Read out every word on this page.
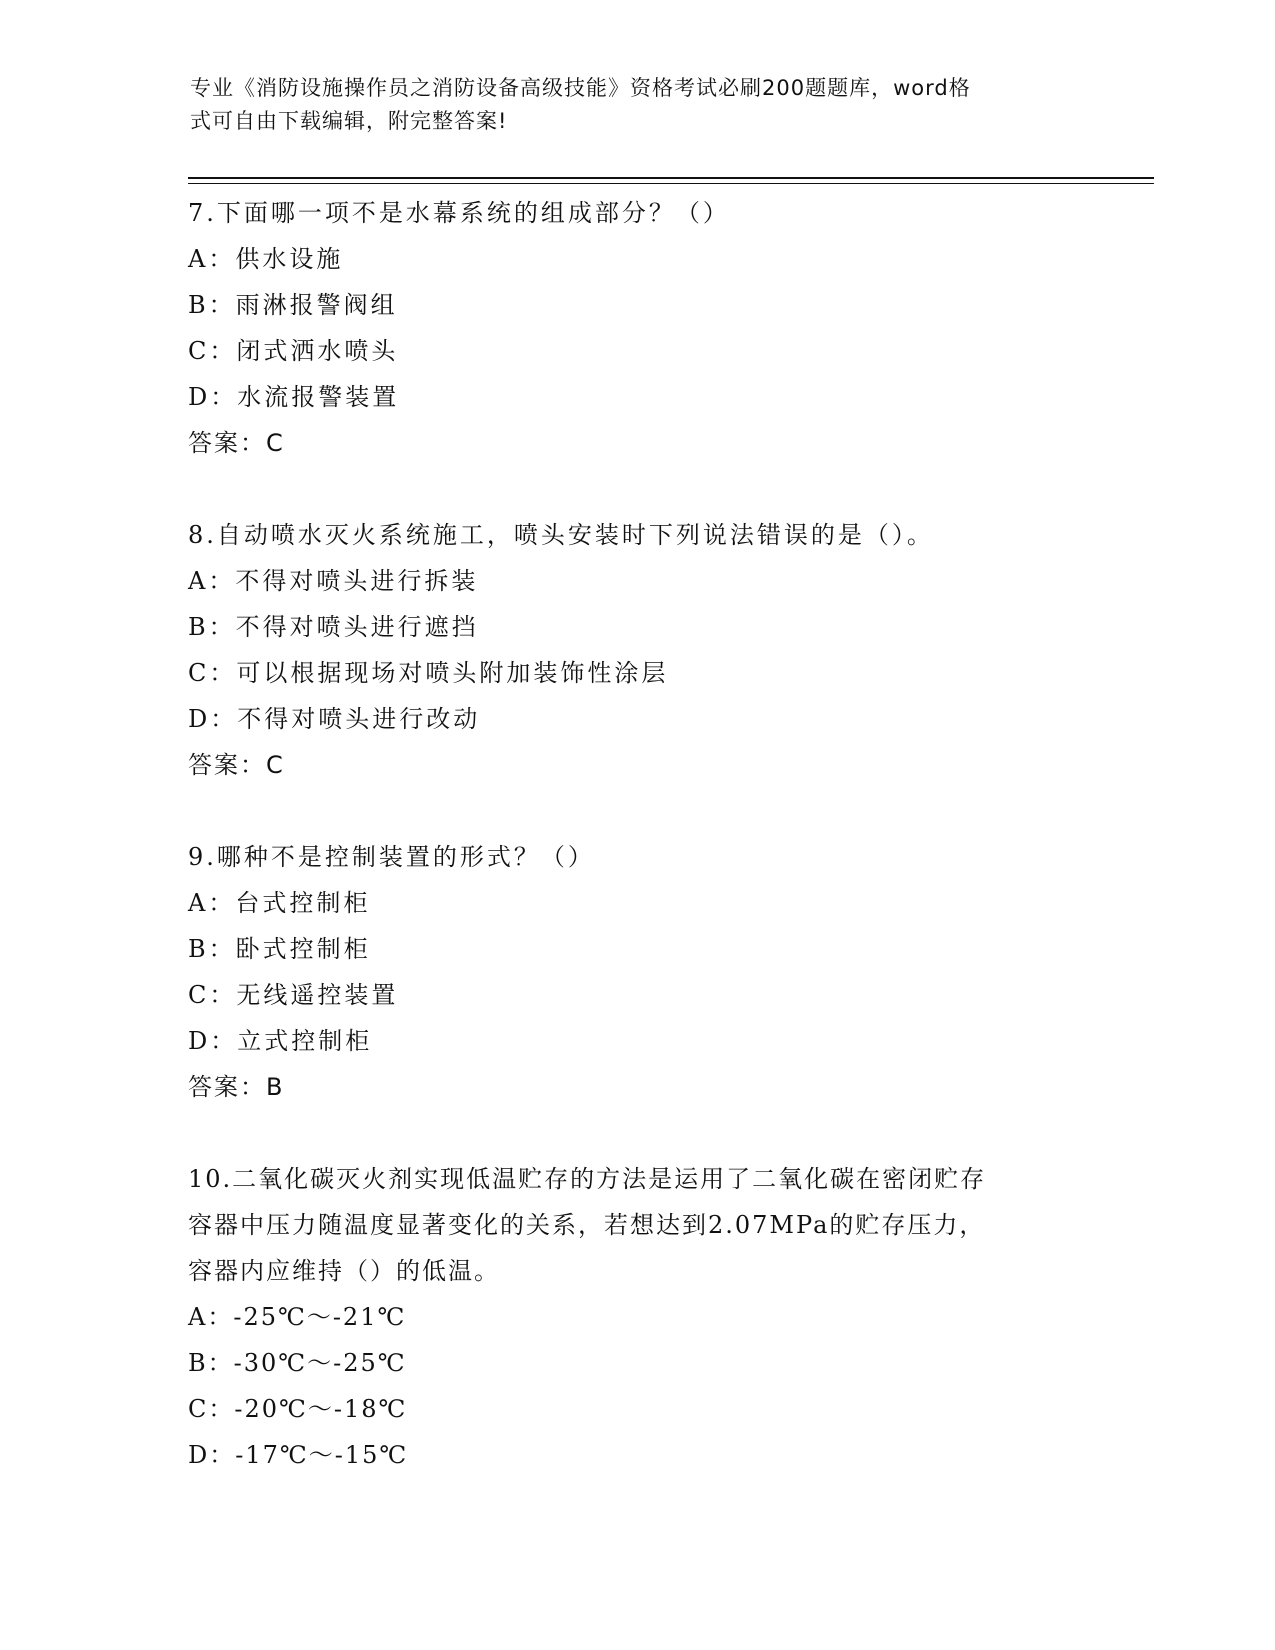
专业《消防设施操作员之消防设备高级技能》资格考试必刷200题题库，word格
式可自由下载编辑，附完整答案!
7.下面哪一项不是水幕系统的组成部分？（）
A：供水设施
B：雨淋报警阀组
C：闭式洒水喷头
D：水流报警装置
答案：C
8.自动喷水灭火系统施工，喷头安装时下列说法错误的是（）。
A：不得对喷头进行拆装
B：不得对喷头进行遮挡
C：可以根据现场对喷头附加装饰性涂层
D：不得对喷头进行改动
答案：C
9.哪种不是控制装置的形式？（）
A：台式控制柜
B：卧式控制柜
C：无线遥控装置
D：立式控制柜
答案：B
10.二氧化碳灭火剂实现低温贮存的方法是运用了二氧化碳在密闭贮存
容器中压力随温度显著变化的关系，若想达到2.07MPa的贮存压力，
容器内应维持（）的低温。
A：-25℃～-21℃
B：-30℃～-25℃
C：-20℃～-18℃
D：-17℃～-15℃
